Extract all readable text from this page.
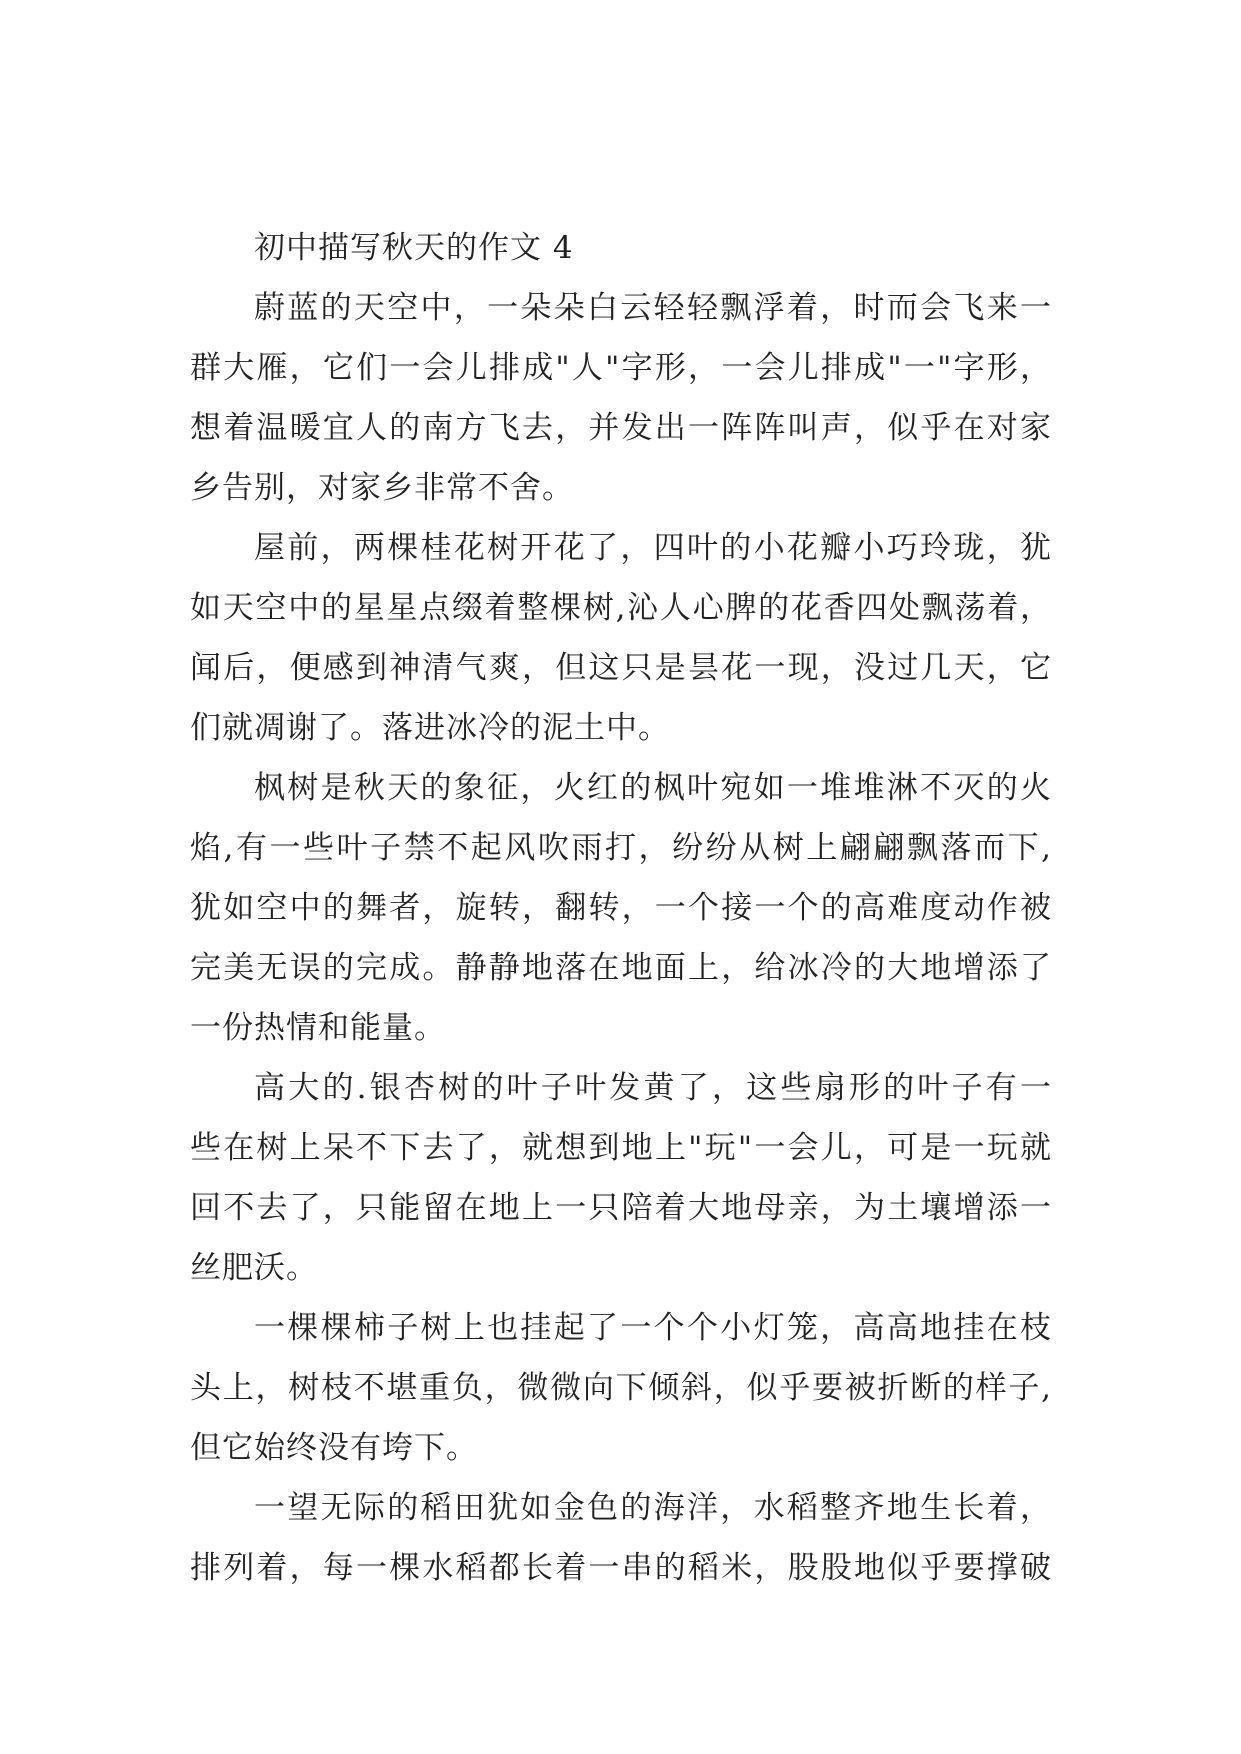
初中描写秋天的作文 4

蔚蓝的天空中，一朵朵白云轻轻飘浮着，时而会飞来一
群大雁，它们一会儿排成"人"字形，一会儿排成"一"字形，
想着温暖宜人的南方飞去，并发出一阵阵叫声，似乎在对家
乡告别，对家乡非常不舍。

屋前，两棵桂花树开花了，四叶的小花瓣小巧玲珑，犹
如天空中的星星点缀着整棵树,沁人心脾的花香四处飘荡着，
闻后，便感到神清气爽，但这只是昙花一现，没过几天，它
们就凋谢了。落进冰冷的泥土中。

枫树是秋天的象征，火红的枫叶宛如一堆堆淋不灭的火
焰,有一些叶子禁不起风吹雨打，纷纷从树上翩翩飘落而下,
犹如空中的舞者，旋转，翻转，一个接一个的高难度动作被
完美无误的完成。静静地落在地面上，给冰冷的大地增添了
一份热情和能量。

高大的.银杏树的叶子叶发黄了，这些扇形的叶子有一
些在树上呆不下去了，就想到地上"玩"一会儿，可是一玩就
回不去了，只能留在地上一只陪着大地母亲，为土壤增添一
丝肥沃。

一棵棵柿子树上也挂起了一个个小灯笼，高高地挂在枝
头上，树枝不堪重负，微微向下倾斜，似乎要被折断的样子,
但它始终没有垮下。

一望无际的稻田犹如金色的海洋，水稻整齐地生长着，
排列着，每一棵水稻都长着一串的稻米，股股地似乎要撑破
